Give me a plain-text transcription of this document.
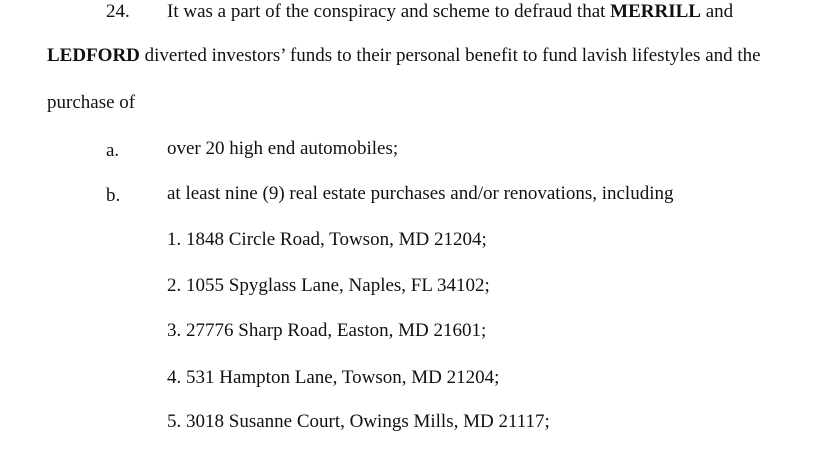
24. It was a part of the conspiracy and scheme to defraud that MERRILL and
LEDFORD diverted investors’ funds to their personal benefit to fund lavish lifestyles and the
purchase of
a.	over 20 high end automobiles;
b. at least nine (9) real estate purchases and/or renovations, including
1. 1848 Circle Road, Towson, MD 21204;
2. 1055 Spyglass Lane, Naples, FL 34102;
3. 27776 Sharp Road, Easton, MD 21601;
4. 531 Hampton Lane, Towson, MD 21204;
5. 3018 Susanne Court, Owings Mills, MD 21117;
